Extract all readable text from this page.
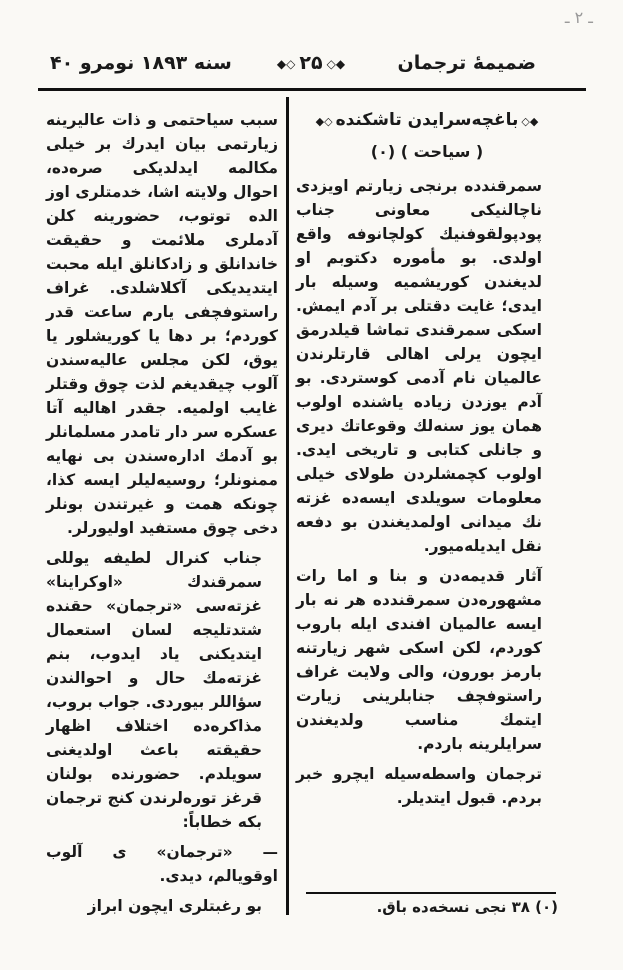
ـ ۲ ـ
ضمیمهٔ ترجمان
◆◇۲۵◇◆
سنه ۱۸۹۳ نومرو ۴۰
◆◇باغچه‌سرایدن تاشکنده◇◆
( سیاحت ) (۰)

سمرقندده برنجی زیارتم او‌یزدی ناچالنیکی معاونی جناب پودپولقوفنیك كولچانوفه واقع اولدی. بو مأموره دکتوبم او لدیغندن کوریشمیه وسیله بار ایدی؛ غایت دقتلی بر آدم ایمش. اسکی سمرقندی تماشا قیلدرمق ایچون یرلی اهالی قارتلرندن عالمیان نام آدمی کوستردی. بو آدم یوزدن زیا‌ده یاشنده اولوب همان یوز سنه‌لك وقوعاتك دیری و جا‌نلی کتابی و تاریخی ایدی. اولوب کچمشلردن طولای خیلی معلومات سویلدی ایسه‌ده غزته نك میدانی اولمدیغندن بو دفعه نقل ایدیله‌میور.

آثار قدیمه‌دن و بنا و اما رات مشهوره‌دن سمرقندده هر نه بار ایسه عالمیان افندی ایله باروب کوردم، لکن اسکی شهر زیارتنه بارمز بورون، والی‌ ولایت غراف راستوفچف جنابلرینی زیارت ایتمك مناسب ولدیغندن سرایلرینه باردم.

ترجمان واسطه‌سیله ایچرو خبر بردم. قبول ایتدیلر.

(۰) ۳۸ نجی نسخه‌ده باق.

سبب سیاحتمی و ذات عالیرینه زیارتمی بیان ایدرك بر خیلی مکالمه ایدلدیکی صره‌ده، احوال ولایته اشا، خدمتلری اوز الده توتوب، حضورینه کلن آدملری ملائمت و حقیقت خاندانلق و زادکانلق ایله محبت ایتدیدیکی آکلاشلدی. غراف راستوفچفی یارم ساعت قدر کوردم؛ بر دها یا کوریشلور یا یوق، لکن مجلس عالیه‌سندن آلوب چیقدیغم لذت چوق وقتلر غایب اولمیه. جقدر اهالیه آتا عسکره سر دار تامدر مسلمانلر بو آدمك اداره‌سندن بی نهایه ممنونلر؛ روسیه‌لیلر ایسه کذا، چونکه همت و غیرتندن بونلر دخی چوق مستفید اولیورلر.

جناب کنرال لطیفه یوللی سمرقندك «اوکراینا» غزته‌سی «ترجمان» حقنده شتدتلیجه لسان استعمال ایتدیکنی یاد ایدوب، بنم غزته‌مك حال و احوالندن سؤاللر بیوردی. جواب بروب، مذاکره‌ده اختلاف اظهار حقیقته باعث اولدیغنی سویلدم. حضو‌رنده بولنان قرغز توره‌لرندن کنج ترجمان بکه خطاباً:

— «ترجمان» ی آلوب اوقو‌یالم، دیدی.

بو رغبتلری ایچون ابراز
